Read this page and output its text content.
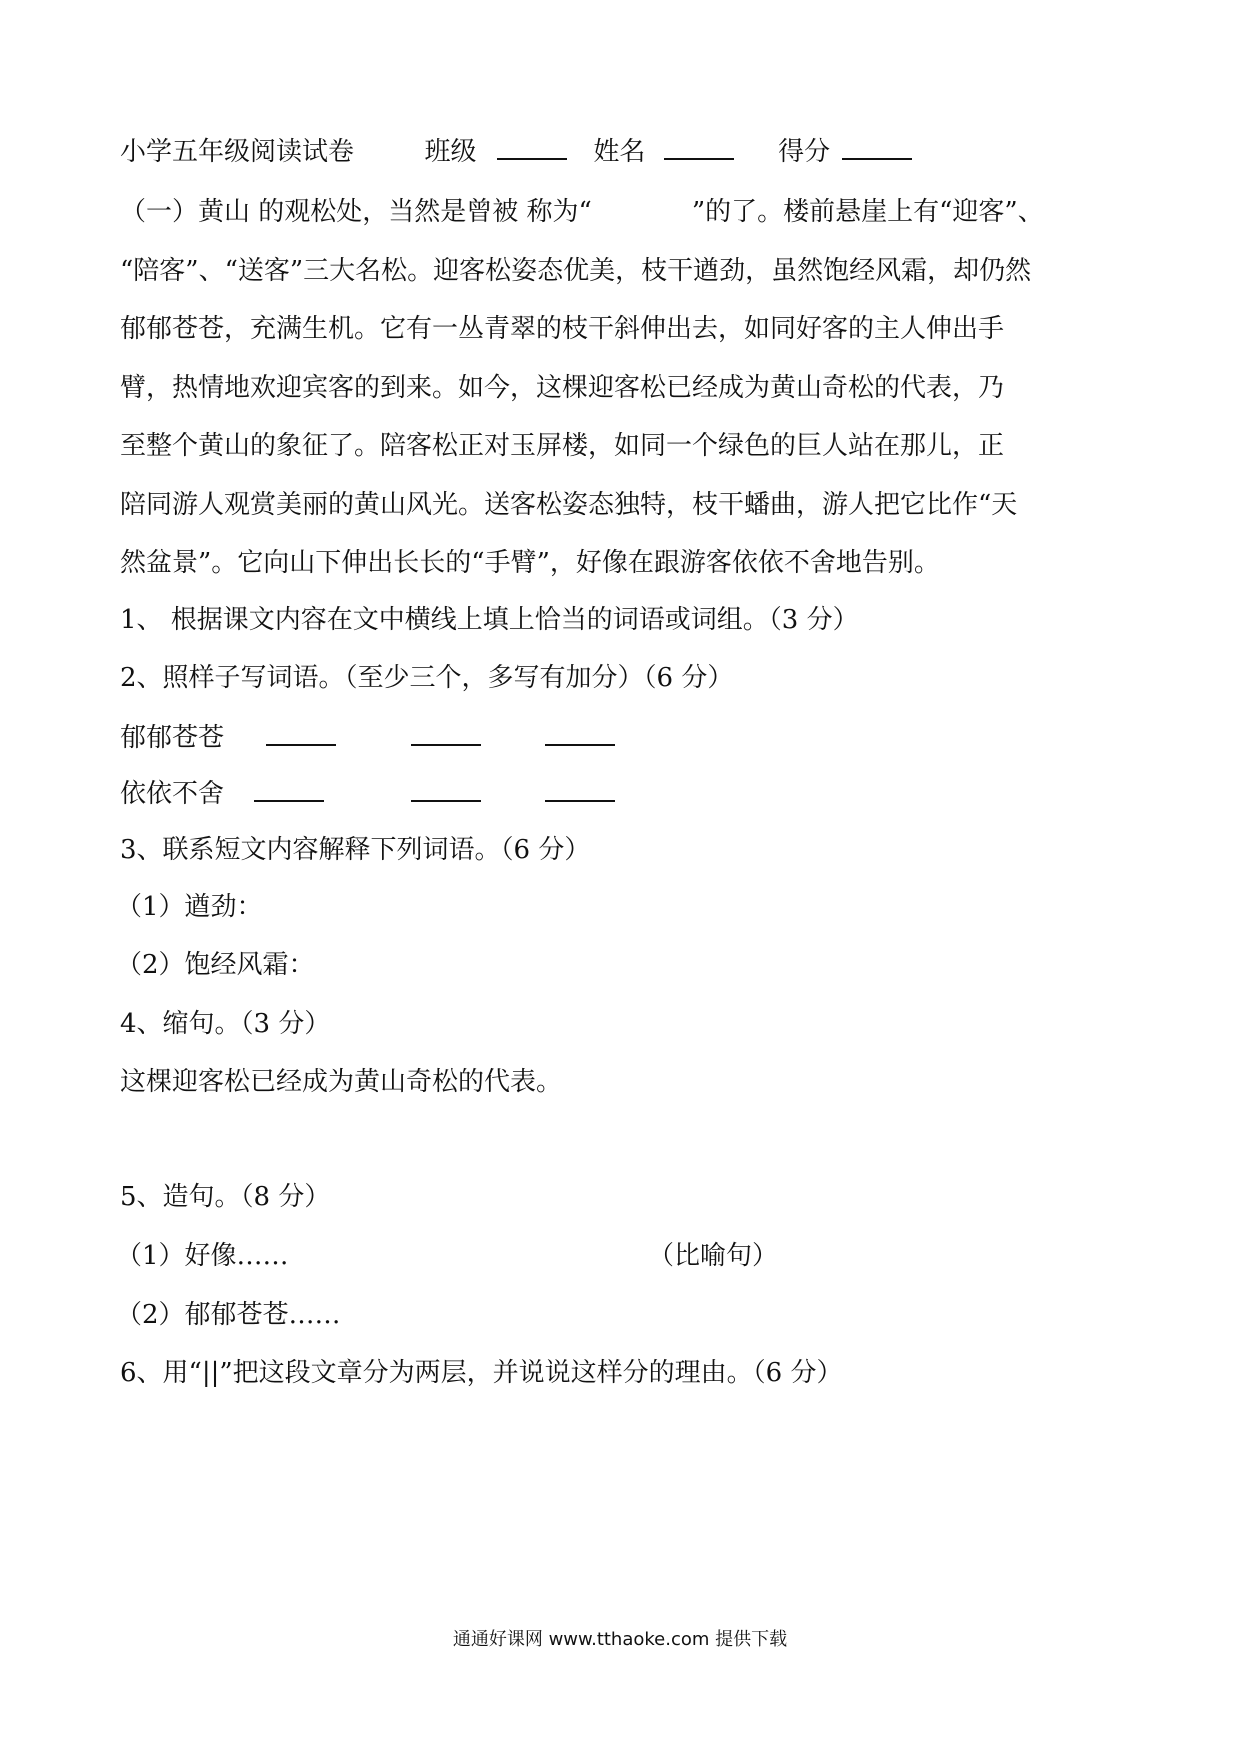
小学五年级阅读试卷	班级	姓名	得分
（一）黄山 的观松处，当然是曾被 称为“	”的了。楼前悬崖上有“迎客”、
“陪客”、“送客”三大名松。迎客松姿态优美，枝干遒劲，虽然饱经风霜，却仍然
郁郁苍苍，充满生机。它有一丛青翠的枝干斜伸出去，如同好客的主人伸出手
臂，热情地欢迎宾客的到来。如今，这棵迎客松已经成为黄山奇松的代表，乃
至整个黄山的象征了。陪客松正对玉屏楼，如同一个绿色的巨人站在那儿，正
陪同游人观赏美丽的黄山风光。送客松姿态独特，枝干蟠曲，游人把它比作“天
然盆景”。它向山下伸出长长的“手臂”，好像在跟游客依依不舍地告别。
1、 根据课文内容在文中横线上填上恰当的词语或词组。（3 分）
2、照样子写词语。（至少三个，多写有加分）（6 分）
郁郁苍苍
依依不舍
3、联系短文内容解释下列词语。（6 分）
（1）遒劲：
（2）饱经风霜：
4、缩句。（3 分）
这棵迎客松已经成为黄山奇松的代表。
5、造句。（8 分）
（1）好像……	（比喻句）
（2）郁郁苍苍……
6、用“||”把这段文章分为两层，并说说这样分的理由。（6 分）
通通好课网 www.tthaoke.com 提供下载
